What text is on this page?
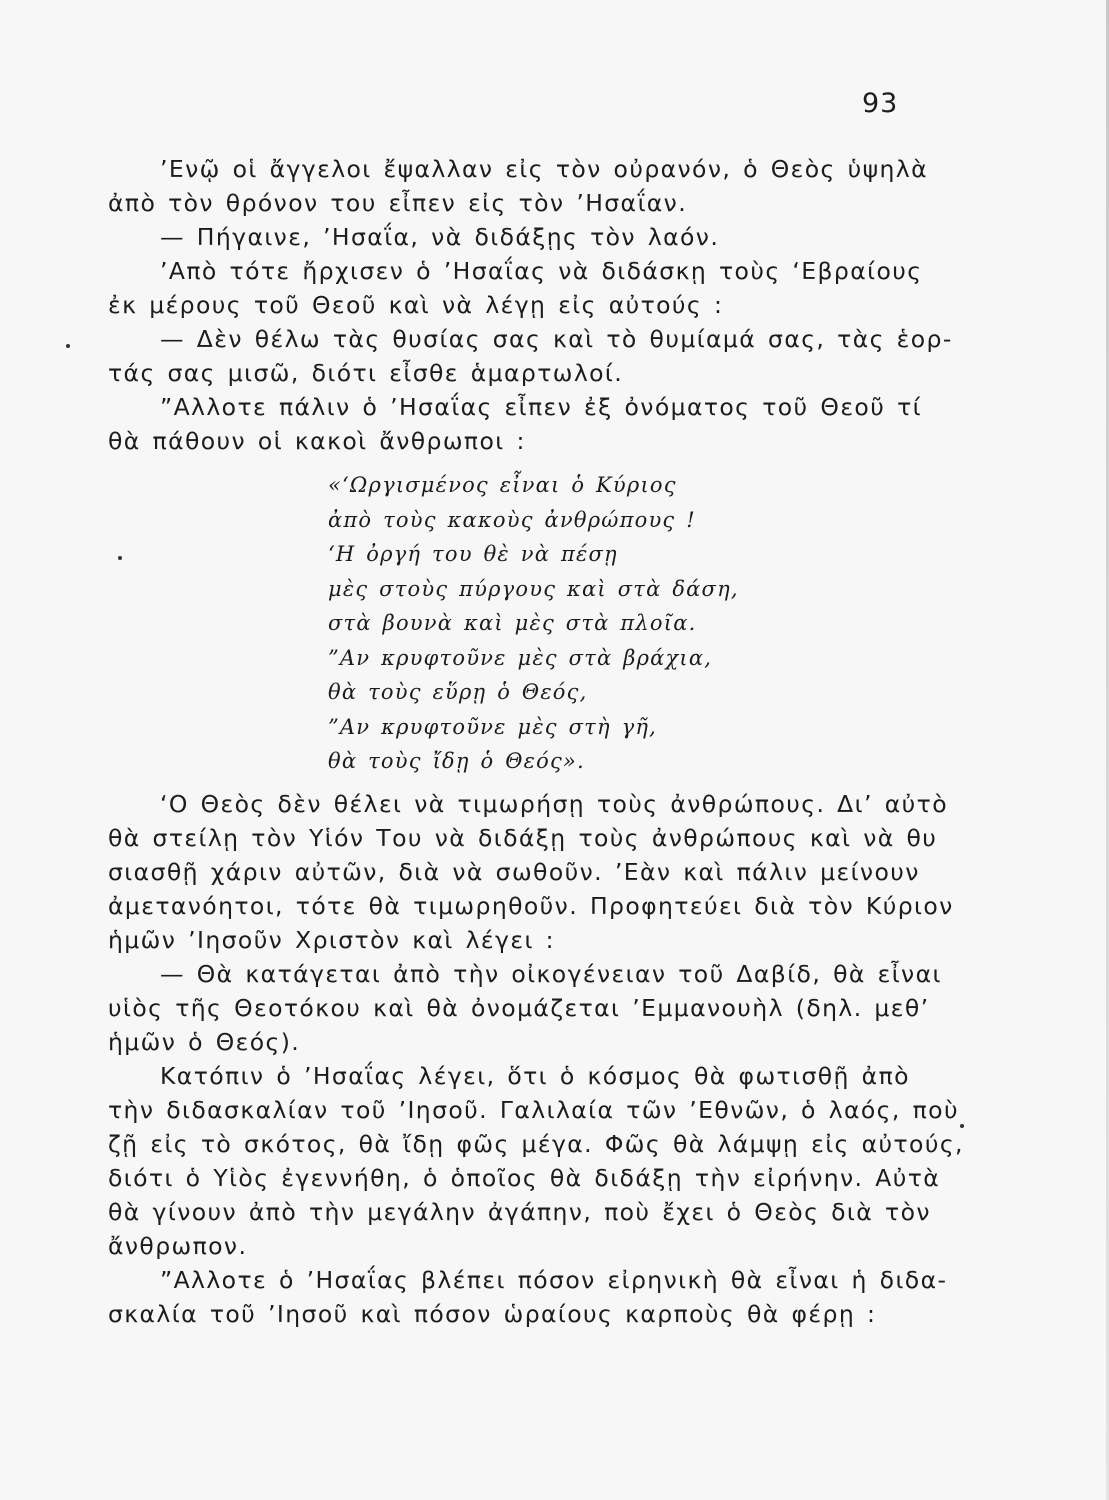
93
’Ενῷ οἱ ἄγγελοι ἔψαλλαν εἰς τὸν οὐρανόν, ὁ Θεὸς ὑψηλὰ
ἀπὸ τὸν θρόνον του εἶπεν εἰς τὸν ’Ησαΐαν.
— Πήγαινε, ’Ησαΐα, νὰ διδάξῃς τὸν λαόν.
’Απὸ τότε ἤρχισεν ὁ ’Ησαΐας νὰ διδάσκῃ τοὺς ‘Εβραίους
ἐκ μέρους τοῦ Θεοῦ καὶ νὰ λέγῃ εἰς αὐτούς :
— Δὲν θέλω τὰς θυσίας σας καὶ τὸ θυμίαμά σας, τὰς ἑορ-
τάς σας μισῶ, διότι εἶσθε ἁμαρτωλοί.
”Αλλοτε πάλιν ὁ ’Ησαΐας εἶπεν ἐξ ὀνόματος τοῦ Θεοῦ τί
θὰ πάθουν οἱ κακοὶ ἄνθρωποι :
«‘Ωργισμένος εἶναι ὁ Κύριος
ἀπὸ τοὺς κακοὺς ἀνθρώπους !
‘Η ὀργή του θὲ νὰ πέσῃ
μὲς στοὺς πύργους καὶ στὰ δάση,
στὰ βουνὰ καὶ μὲς στὰ πλοῖα.
”Αν κρυφτοῦνε μὲς στὰ βράχια,
θὰ τοὺς εὕρῃ ὁ Θεός,
”Αν κρυφτοῦνε μὲς στὴ γῆ,
θὰ τοὺς ἴδῃ ὁ Θεός».
‘Ο Θεὸς δὲν θέλει νὰ τιμωρήσῃ τοὺς ἀνθρώπους. Δι’ αὐτὸ
θὰ στείλῃ τὸν Υἱόν Του νὰ διδάξῃ τοὺς ἀνθρώπους καὶ νὰ θυ
σιασθῇ χάριν αὐτῶν, διὰ νὰ σωθοῦν. ’Εὰν καὶ πάλιν μείνουν
ἀμετανόητοι, τότε θὰ τιμωρηθοῦν. Προφητεύει διὰ τὸν Κύριον
ἡμῶν ’Ιησοῦν Χριστὸν καὶ λέγει :
— Θὰ κατάγεται ἀπὸ τὴν οἰκογένειαν τοῦ Δαβίδ, θὰ εἶναι
υἱὸς τῆς Θεοτόκου καὶ θὰ ὀνομάζεται ’Εμμανουὴλ (δηλ. μεθ’
ἡμῶν ὁ Θεός).
Κατόπιν ὁ ’Ησαΐας λέγει, ὅτι ὁ κόσμος θὰ φωτισθῇ ἀπὸ
τὴν διδασκαλίαν τοῦ ’Ιησοῦ. Γαλιλαία τῶν ’Εθνῶν, ὁ λαός, ποὺ
ζῇ εἰς τὸ σκότος, θὰ ἴδῃ φῶς μέγα. Φῶς θὰ λάμψῃ εἰς αὐτούς,
διότι ὁ Υἱὸς ἐγεννήθη, ὁ ὁποῖος θὰ διδάξῃ τὴν εἰρήνην. Αὐτὰ
θὰ γίνουν ἀπὸ τὴν μεγάλην ἀγάπην, ποὺ ἔχει ὁ Θεὸς διὰ τὸν
ἄνθρωπον.
”Αλλοτε ὁ ’Ησαΐας βλέπει πόσον εἰρηνικὴ θὰ εἶναι ἡ διδα-
σκαλία τοῦ ’Ιησοῦ καὶ πόσον ὡραίους καρποὺς θὰ φέρῃ :
